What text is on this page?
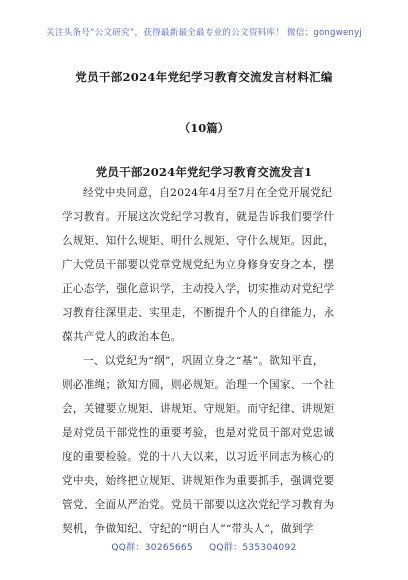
关注头条号“公文研究”，获得最新最全最专业的公文资料库！ 微信：gongwenyj
党员干部2024年党纪学习教育交流发言材料汇编
（10篇）
党员干部2024年党纪学习教育交流发言1
经党中央同意，自2024年4月至7月在全党开展党纪
学习教育。开展这次党纪学习教育，就是告诉我们要学什
么规矩、知什么规矩、明什么规矩、守什么规矩。因此，
广大党员干部要以党章党规党纪为立身修身安身之本，摆
正心态学，强化意识学，主动投入学，切实推动对党纪学
习教育往深里走、实里走，不断提升个人的自律能力，永
葆共产党人的政治本色。
一、以党纪为“纲”，巩固立身之“基”。欲知平直，
则必准绳；欲知方圆，则必规矩。治理一个国家、一个社
会，关键要立规矩、讲规矩、守规矩。而守纪律、讲规矩
是对党员干部党性的重要考验，也是对党员干部对党忠诚
度的重要检验。党的十八大以来，以习近平同志为核心的
党中央，始终把立规矩、讲规矩作为重要抓手，强调党要
管党、全面从严治党。党员干部要以这次党纪学习教育为
契机，争做知纪、守纪的“明白人”“带头人”，做到学
QQ群：30265665 QQ群：535304092
